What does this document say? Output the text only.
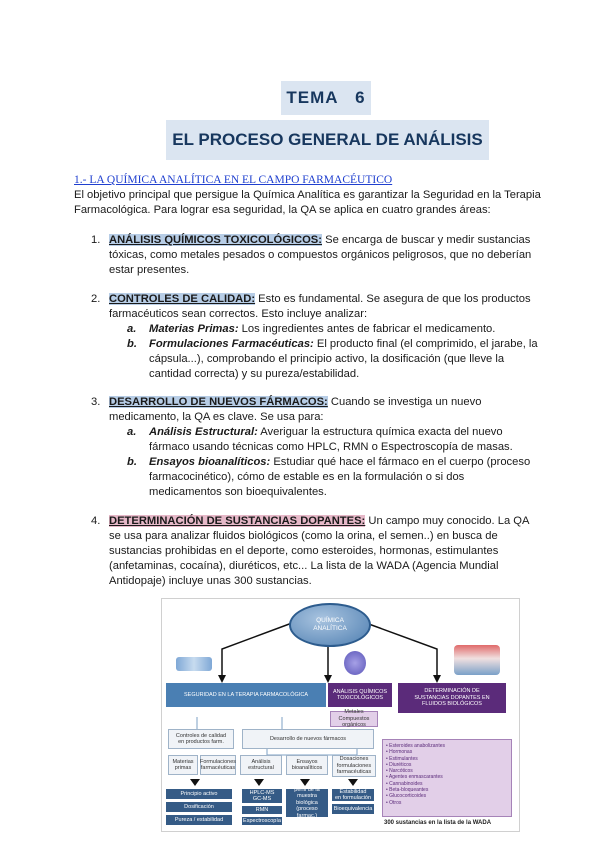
TEMA   6
EL PROCESO GENERAL DE ANÁLISIS
1.- LA QUÍMICA ANALÍTICA EN EL CAMPO FARMACÉUTICO
El objetivo principal que persigue la Química Analítica es garantizar la Seguridad en la Terapia Farmacológica. Para lograr esa seguridad, la QA se aplica en cuatro grandes áreas:
1. ANÁLISIS QUÍMICOS TOXICOLÓGICOS: Se encarga de buscar y medir sustancias tóxicas, como metales pesados o compuestos orgánicos peligrosos, que no deberían estar presentes.
2. CONTROLES DE CALIDAD: Esto es fundamental. Se asegura de que los productos farmacéuticos sean correctos. Esto incluye analizar:
a. Materias Primas: Los ingredientes antes de fabricar el medicamento.
b. Formulaciones Farmacéuticas: El producto final (el comprimido, el jarabe, la cápsula...), comprobando el principio activo, la dosificación (que lleve la cantidad correcta) y su pureza/estabilidad.
3. DESARROLLO DE NUEVOS FÁRMACOS: Cuando se investiga un nuevo medicamento, la QA es clave. Se usa para:
a. Análisis Estructural: Averiguar la estructura química exacta del nuevo fármaco usando técnicas como HPLC, RMN o Espectroscopía de masas.
b. Ensayos bioanalíticos: Estudiar qué hace el fármaco en el cuerpo (proceso farmacocinético), cómo de estable es en la formulación o si dos medicamentos son bioequivalentes.
4. DETERMINACIÓN DE SUSTANCIAS DOPANTES: Un campo muy conocido. La QA se usa para analizar fluidos biológicos (como la orina, el semen..) en busca de sustancias prohibidas en el deporte, como esteroides, hormonas, estimulantes (anfetaminas, cocaína), diuréticos, etc... La lista de la WADA (Agencia Mundial Antidopaje) incluye unas 300 sustancias.
QUÍMICA
ANALÍTICA
SEGURIDAD EN LA TERAPIA FARMACOLÓGICA
ANÁLISIS QUÍMICOS
TOXICOLÓGICOS
DETERMINACIÓN DE
SUSTANCIAS DOPANTES EN
FLUIDOS BIOLÓGICOS
Metales
Compuestos orgánicos
Controles de calidad
en productos farm.
Desarrollo de nuevos fármacos
Materias
primas
Formulaciones
farmacéuticas
Análisis
estructural
Ensayos
bioanalíticos
Dosaciones
formulaciones
farmacéuticas
Principio activo
Dosificación
Pureza / estabilidad
HPLC-MS
GC-MS
RMN
Espectroscopía
perfil de la
muestra
biológica
(proceso farmac.)
Estabilidad
en formulación
Bioequivalencia
• Esteroides anabolizantes
• Hormonas
• Estimulantes
• Diuréticos
• Narcóticos
• Agentes enmascarantes
• Cannabinoides
• Beta-bloqueantes
• Glucocorticoides
• Otros
300 sustancias en la lista de la WADA
